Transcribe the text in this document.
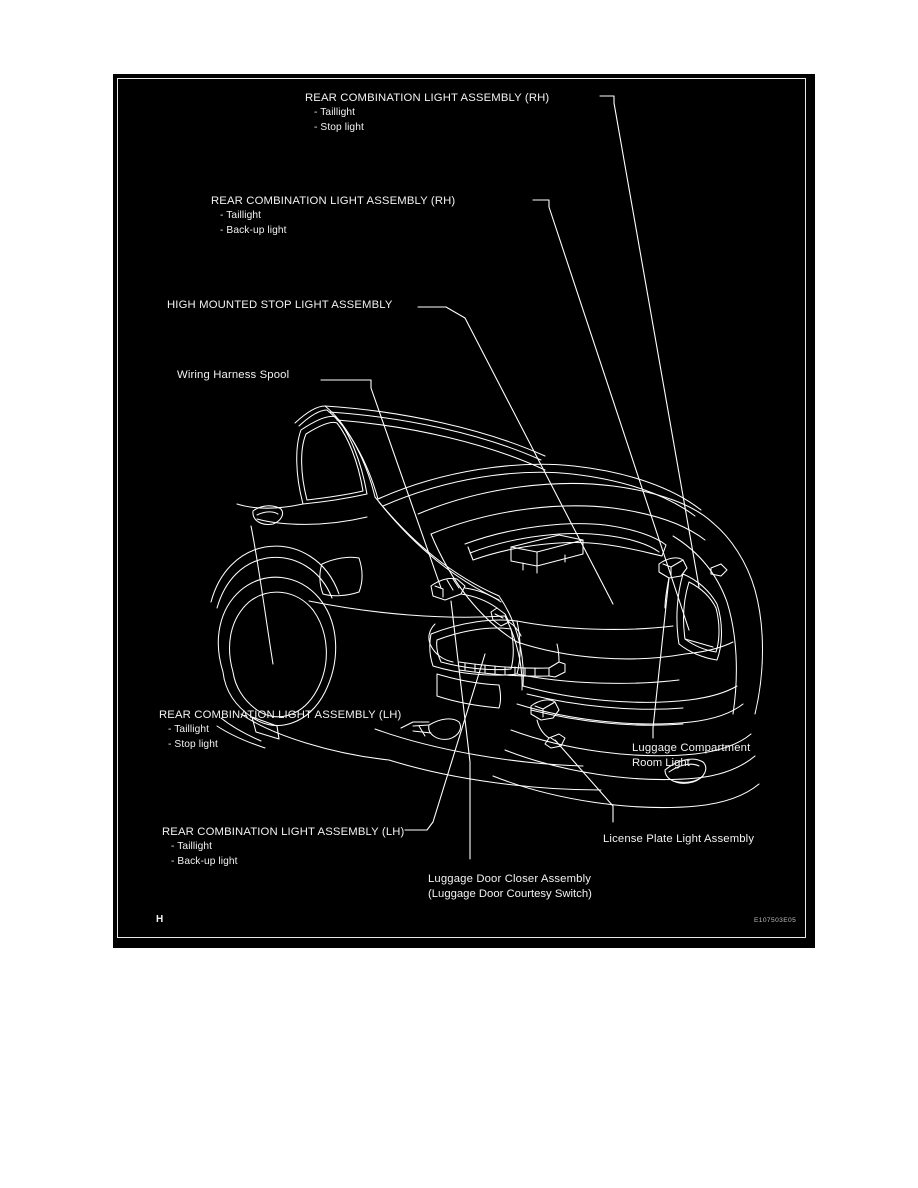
REAR COMBINATION LIGHT ASSEMBLY (RH)
- Taillight
- Stop light
REAR COMBINATION LIGHT ASSEMBLY (RH)
- Taillight
- Back-up light
HIGH MOUNTED STOP LIGHT ASSEMBLY
Wiring Harness Spool
REAR COMBINATION LIGHT ASSEMBLY (LH)
- Taillight
- Stop light
REAR COMBINATION LIGHT ASSEMBLY (LH)
- Taillight
- Back-up light
Luggage Compartment
Room Light
License Plate Light Assembly
Luggage Door Closer Assembly
(Luggage Door Courtesy Switch)
H	E107503E05
